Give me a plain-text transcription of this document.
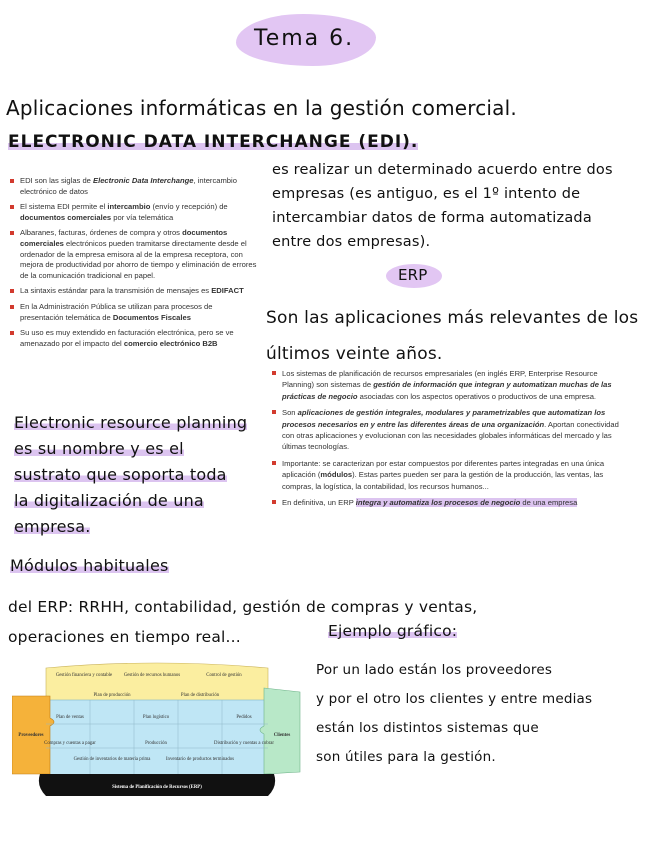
Tema 6.
Aplicaciones informáticas en la gestión comercial.
ELECTRONIC DATA INTERCHANGE (EDI).
EDI son las siglas de Electronic Data Interchange, intercambio electrónico de datos
El sistema EDI permite el intercambio (envío y recepción) de documentos comerciales por vía telemática
Albaranes, facturas, órdenes de compra y otros documentos comerciales electrónicos pueden tramitarse directamente desde el ordenador de la empresa emisora al de la empresa receptora, con mejora de productividad por ahorro de tiempo y eliminación de errores de la comunicación tradicional en papel.
La sintaxis estándar para la transmisión de mensajes es EDIFACT
En la Administración Pública se utilizan para procesos de presentación telemática de Documentos Fiscales
Su uso es muy extendido en facturación electrónica, pero se ve amenazado por el impacto del comercio electrónico B2B
es realizar un determinado acuerdo entre dos
empresas (es antiguo, es el 1º intento de
intercambiar datos de forma automatizada
entre dos empresas).
ERP
Son las aplicaciones más relevantes de los
últimos veinte años.
Los sistemas de planificación de recursos empresariales (en inglés ERP, Enterprise Resource Planning) son sistemas de gestión de información que integran y automatizan muchas de las prácticas de negocio asociadas con los aspectos operativos o productivos de una empresa.
Son aplicaciones de gestión integrales, modulares y parametrizables que automatizan los procesos necesarios en y entre las diferentes áreas de una organización. Aportan conectividad con otras aplicaciones y evolucionan con las necesidades globales informáticas del mercado y las últimas tecnologías.
Importante: se caracterizan por estar compuestos por diferentes partes integradas en una única aplicación (módulos). Estas partes pueden ser para la gestión de la producción, las ventas, las compras, la logística, la contabilidad, los recursos humanos...
En definitiva, un ERP integra y automatiza los procesos de negocio de una empresa
Electronic resource planning
es su nombre y es el
sustrato que soporta toda
la digitalización de una
empresa.
Módulos habituales
del ERP: RRHH, contabilidad, gestión de compras y ventas,
operaciones en tiempo real...	Ejemplo gráfico:
Por un lado están los proveedores
y por el otro los clientes y entre medias
están los distintos sistemas que
son útiles para la gestión.
Gestión financiera y contable Gestión de recursos humanos	Control de gestión
Plan de producción	Plan de distribución
Plan de ventas	Plan logístico	Pedidos
Proveedores	Clientes
Compras y cuentas a pagar
Gestión de inventarios de materia prima
Producción
Inventario de productos terminados
Distribución y cuentas a cobrar
Sistema de Planificación de Recursos (ERP)
